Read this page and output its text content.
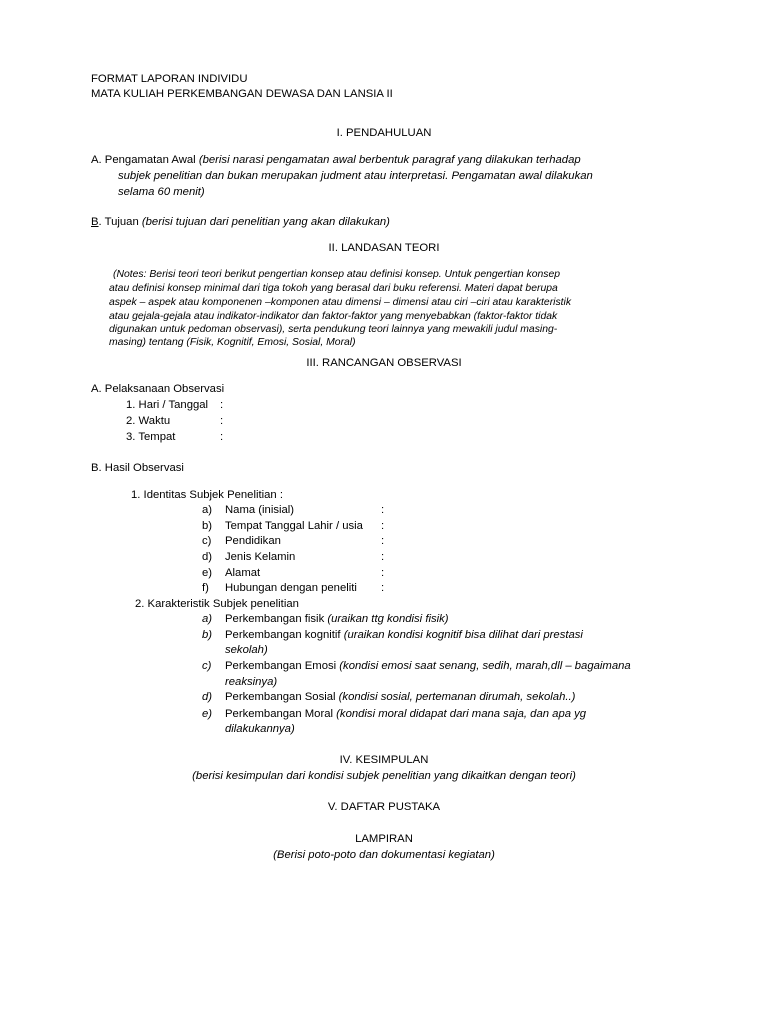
FORMAT LAPORAN INDIVIDU
MATA KULIAH PERKEMBANGAN DEWASA DAN LANSIA II
I. PENDAHULUAN
A. Pengamatan Awal (berisi narasi pengamatan awal berbentuk paragraf yang dilakukan terhadap
subjek penelitian dan bukan merupakan judment atau interpretasi. Pengamatan awal dilakukan
selama 60 menit)
B. Tujuan (berisi tujuan dari penelitian yang akan dilakukan)
II. LANDASAN TEORI
(Notes: Berisi teori teori berikut pengertian konsep atau definisi konsep. Untuk pengertian konsep
atau definisi konsep minimal dari tiga tokoh yang berasal dari buku referensi. Materi dapat berupa
aspek – aspek atau komponenen –komponen atau dimensi – dimensi atau ciri –ciri atau karakteristik
atau gejala-gejala atau indikator-indikator dan faktor-faktor yang menyebabkan (faktor-faktor tidak
digunakan untuk pedoman observasi), serta pendukung teori lainnya yang mewakili judul masing-
masing) tentang (Fisik, Kognitif, Emosi, Sosial, Moral)
III. RANCANGAN OBSERVASI
A. Pelaksanaan Observasi
1. Hari / Tanggal :
2. Waktu	:
3. Tempat	:
B. Hasil Observasi
1. Identitas Subjek Penelitian :
a) Nama (inisial)	:
b) Tempat Tanggal Lahir / usia :
c) Pendidikan	:
d) Jenis Kelamin	:
e) Alamat	:
f) Hubungan dengan peneliti :
2. Karakteristik Subjek penelitian
a) Perkembangan fisik (uraikan ttg kondisi fisik)
b) Perkembangan kognitif (uraikan kondisi kognitif bisa dilihat dari prestasi
sekolah)
c) Perkembangan Emosi (kondisi emosi saat senang, sedih, marah,dll – bagaimana
reaksinya)
d) Perkembangan Sosial (kondisi sosial, pertemanan dirumah, sekolah..)
e) Perkembangan Moral (kondisi moral didapat dari mana saja, dan apa yg
dilakukannya)
IV. KESIMPULAN
(berisi kesimpulan dari kondisi subjek penelitian yang dikaitkan dengan teori)
V. DAFTAR PUSTAKA
LAMPIRAN
(Berisi poto-poto dan dokumentasi kegiatan)
